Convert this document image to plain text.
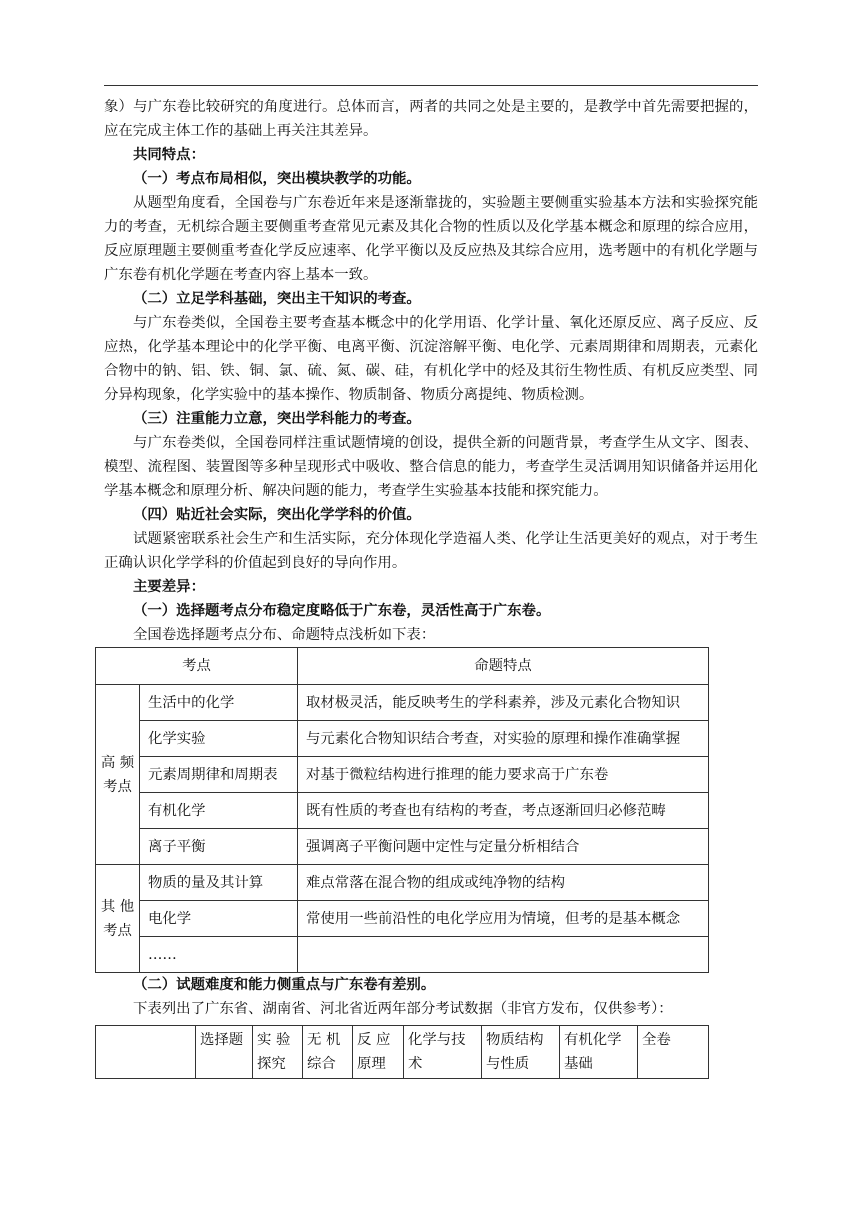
象）与广东卷比较研究的角度进行。总体而言，两者的共同之处是主要的，是教学中首先需要把握的，应在完成主体工作的基础上再关注其差异。

共同特点：

（一）考点布局相似，突出模块教学的功能。

从题型角度看，全国卷与广东卷近年来是逐渐靠拢的，实验题主要侧重实验基本方法和实验探究能力的考查，无机综合题主要侧重考查常见元素及其化合物的性质以及化学基本概念和原理的综合应用，反应原理题主要侧重考查化学反应速率、化学平衡以及反应热及其综合应用，选考题中的有机化学题与广东卷有机化学题在考查内容上基本一致。

（二）立足学科基础，突出主干知识的考查。

与广东卷类似，全国卷主要考查基本概念中的化学用语、化学计量、氧化还原反应、离子反应、反应热，化学基本理论中的化学平衡、电离平衡、沉淀溶解平衡、电化学、元素周期律和周期表，元素化合物中的钠、铝、铁、铜、氯、硫、氮、碳、硅，有机化学中的烃及其衍生物性质、有机反应类型、同分异构现象，化学实验中的基本操作、物质制备、物质分离提纯、物质检测。

（三）注重能力立意，突出学科能力的考查。

与广东卷类似，全国卷同样注重试题情境的创设，提供全新的问题背景，考查学生从文字、图表、模型、流程图、装置图等多种呈现形式中吸收、整合信息的能力，考查学生灵活调用知识储备并运用化学基本概念和原理分析、解决问题的能力，考查学生实验基本技能和探究能力。

（四）贴近社会实际，突出化学学科的价值。

试题紧密联系社会生产和生活实际，充分体现化学造福人类、化学让生活更美好的观点，对于考生正确认识化学学科的价值起到良好的导向作用。

主要差异：

（一）选择题考点分布稳定度略低于广东卷，灵活性高于广东卷。

全国卷选择题考点分布、命题特点浅析如下表：

考点		命题特点
高 频 考点	生活中的化学	取材极灵活，能反映考生的学科素养，涉及元素化合物知识
	化学实验	与元素化合物知识结合考查，对实验的原理和操作准确掌握
	元素周期律和周期表	对基于微粒结构进行推理的能力要求高于广东卷
	有机化学	既有性质的考查也有结构的考查，考点逐渐回归必修范畴
	离子平衡	强调离子平衡问题中定性与定量分析相结合
其 他 考点	物质的量及其计算	难点常落在混合物的组成或纯净物的结构
	电化学	常使用一些前沿性的电化学应用为情境，但考的是基本概念
	……	

（二）试题难度和能力侧重点与广东卷有差别。

下表列出了广东省、湖南省、河北省近两年部分考试数据（非官方发布，仅供参考）：

	选择题	实 验 探究	无 机 综合	反 应 原理	化学与技术	物质结构与性质	有机化学基础	全卷
